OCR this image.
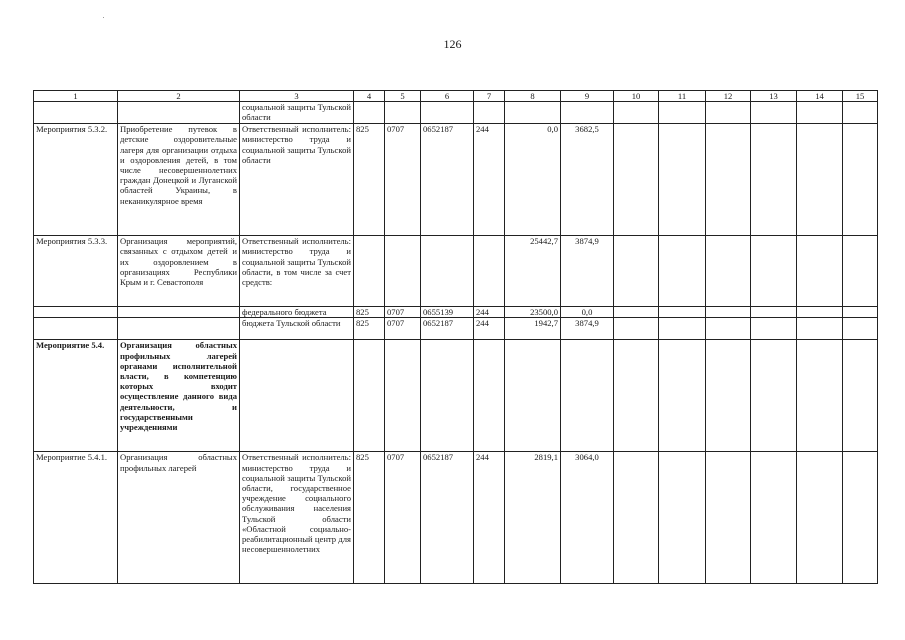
126
1	2	3	4	5	6	7	8	9	10	11	12	13	14	15
		социальной защиты Тульской области												
Мероприятия 5.3.2.	Приобретение путевок в детские оздоровительные лагеря для организации отдыха и оздоровления детей, в том числе несовершеннолетних граждан Донецкой и Луганской областей Украины, в неканикулярное время	Ответственный исполнитель: министерство труда и социальной защиты Тульской области	825	0707	0652187	244	0,0	3682,5						
Мероприятия 5.3.3.	Организация мероприятий, связанных с отдыхом детей и их оздоровлением в организациях Республики Крым и г. Севастополя	Ответственный исполнитель: министерство труда и социальной защиты Тульской области, в том числе за счет средств:					25442,7	3874,9						
		федерального бюджета	825	0707	0655139	244	23500,0	0,0						
		бюджета Тульской области	825	0707	0652187	244	1942,7	3874,9						
Мероприятие 5.4.	Организация областных профильных лагерей органами исполнительной власти, в компетенцию которых входит осуществление данного вида деятельности, и государственными учреждениями													
Мероприятие 5.4.1.	Организация областных профильных лагерей	Ответственный исполнитель: министерство труда и социальной защиты Тульской области, государственное учреждение социального обслуживания населения Тульской области «Областной социально-реабилитационный центр для несовершеннолетних	825	0707	0652187	244	2819,1	3064,0						
